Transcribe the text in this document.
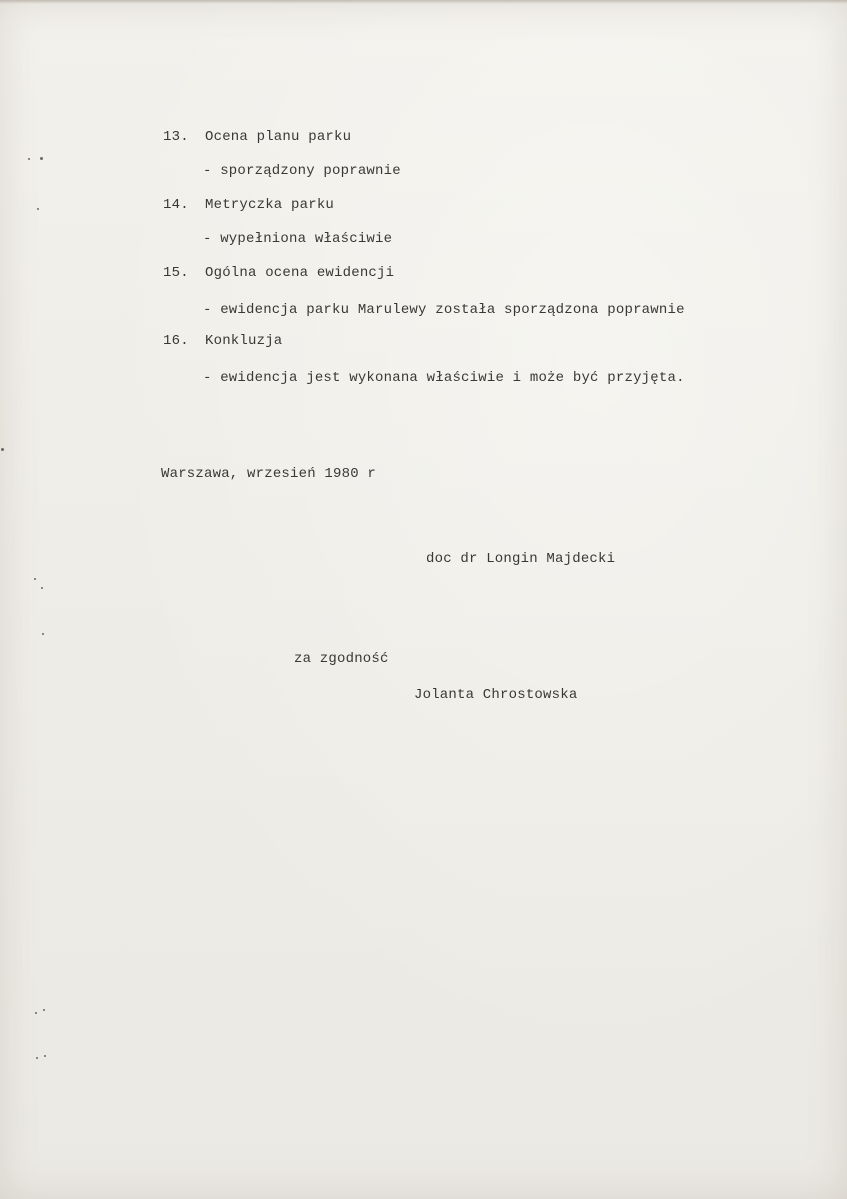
13. Ocena planu parku
- sporządzony poprawnie
14. Metryczka parku
- wypełniona właściwie
15. Ogólna ocena ewidencji
- ewidencja parku Marulewy została sporządzona poprawnie
16. Konkluzja
- ewidencja jest wykonana właściwie i może być przyjęta.
Warszawa, wrzesień 1980 r
doc dr Longin Majdecki
za zgodność
Jolanta Chrostowska
